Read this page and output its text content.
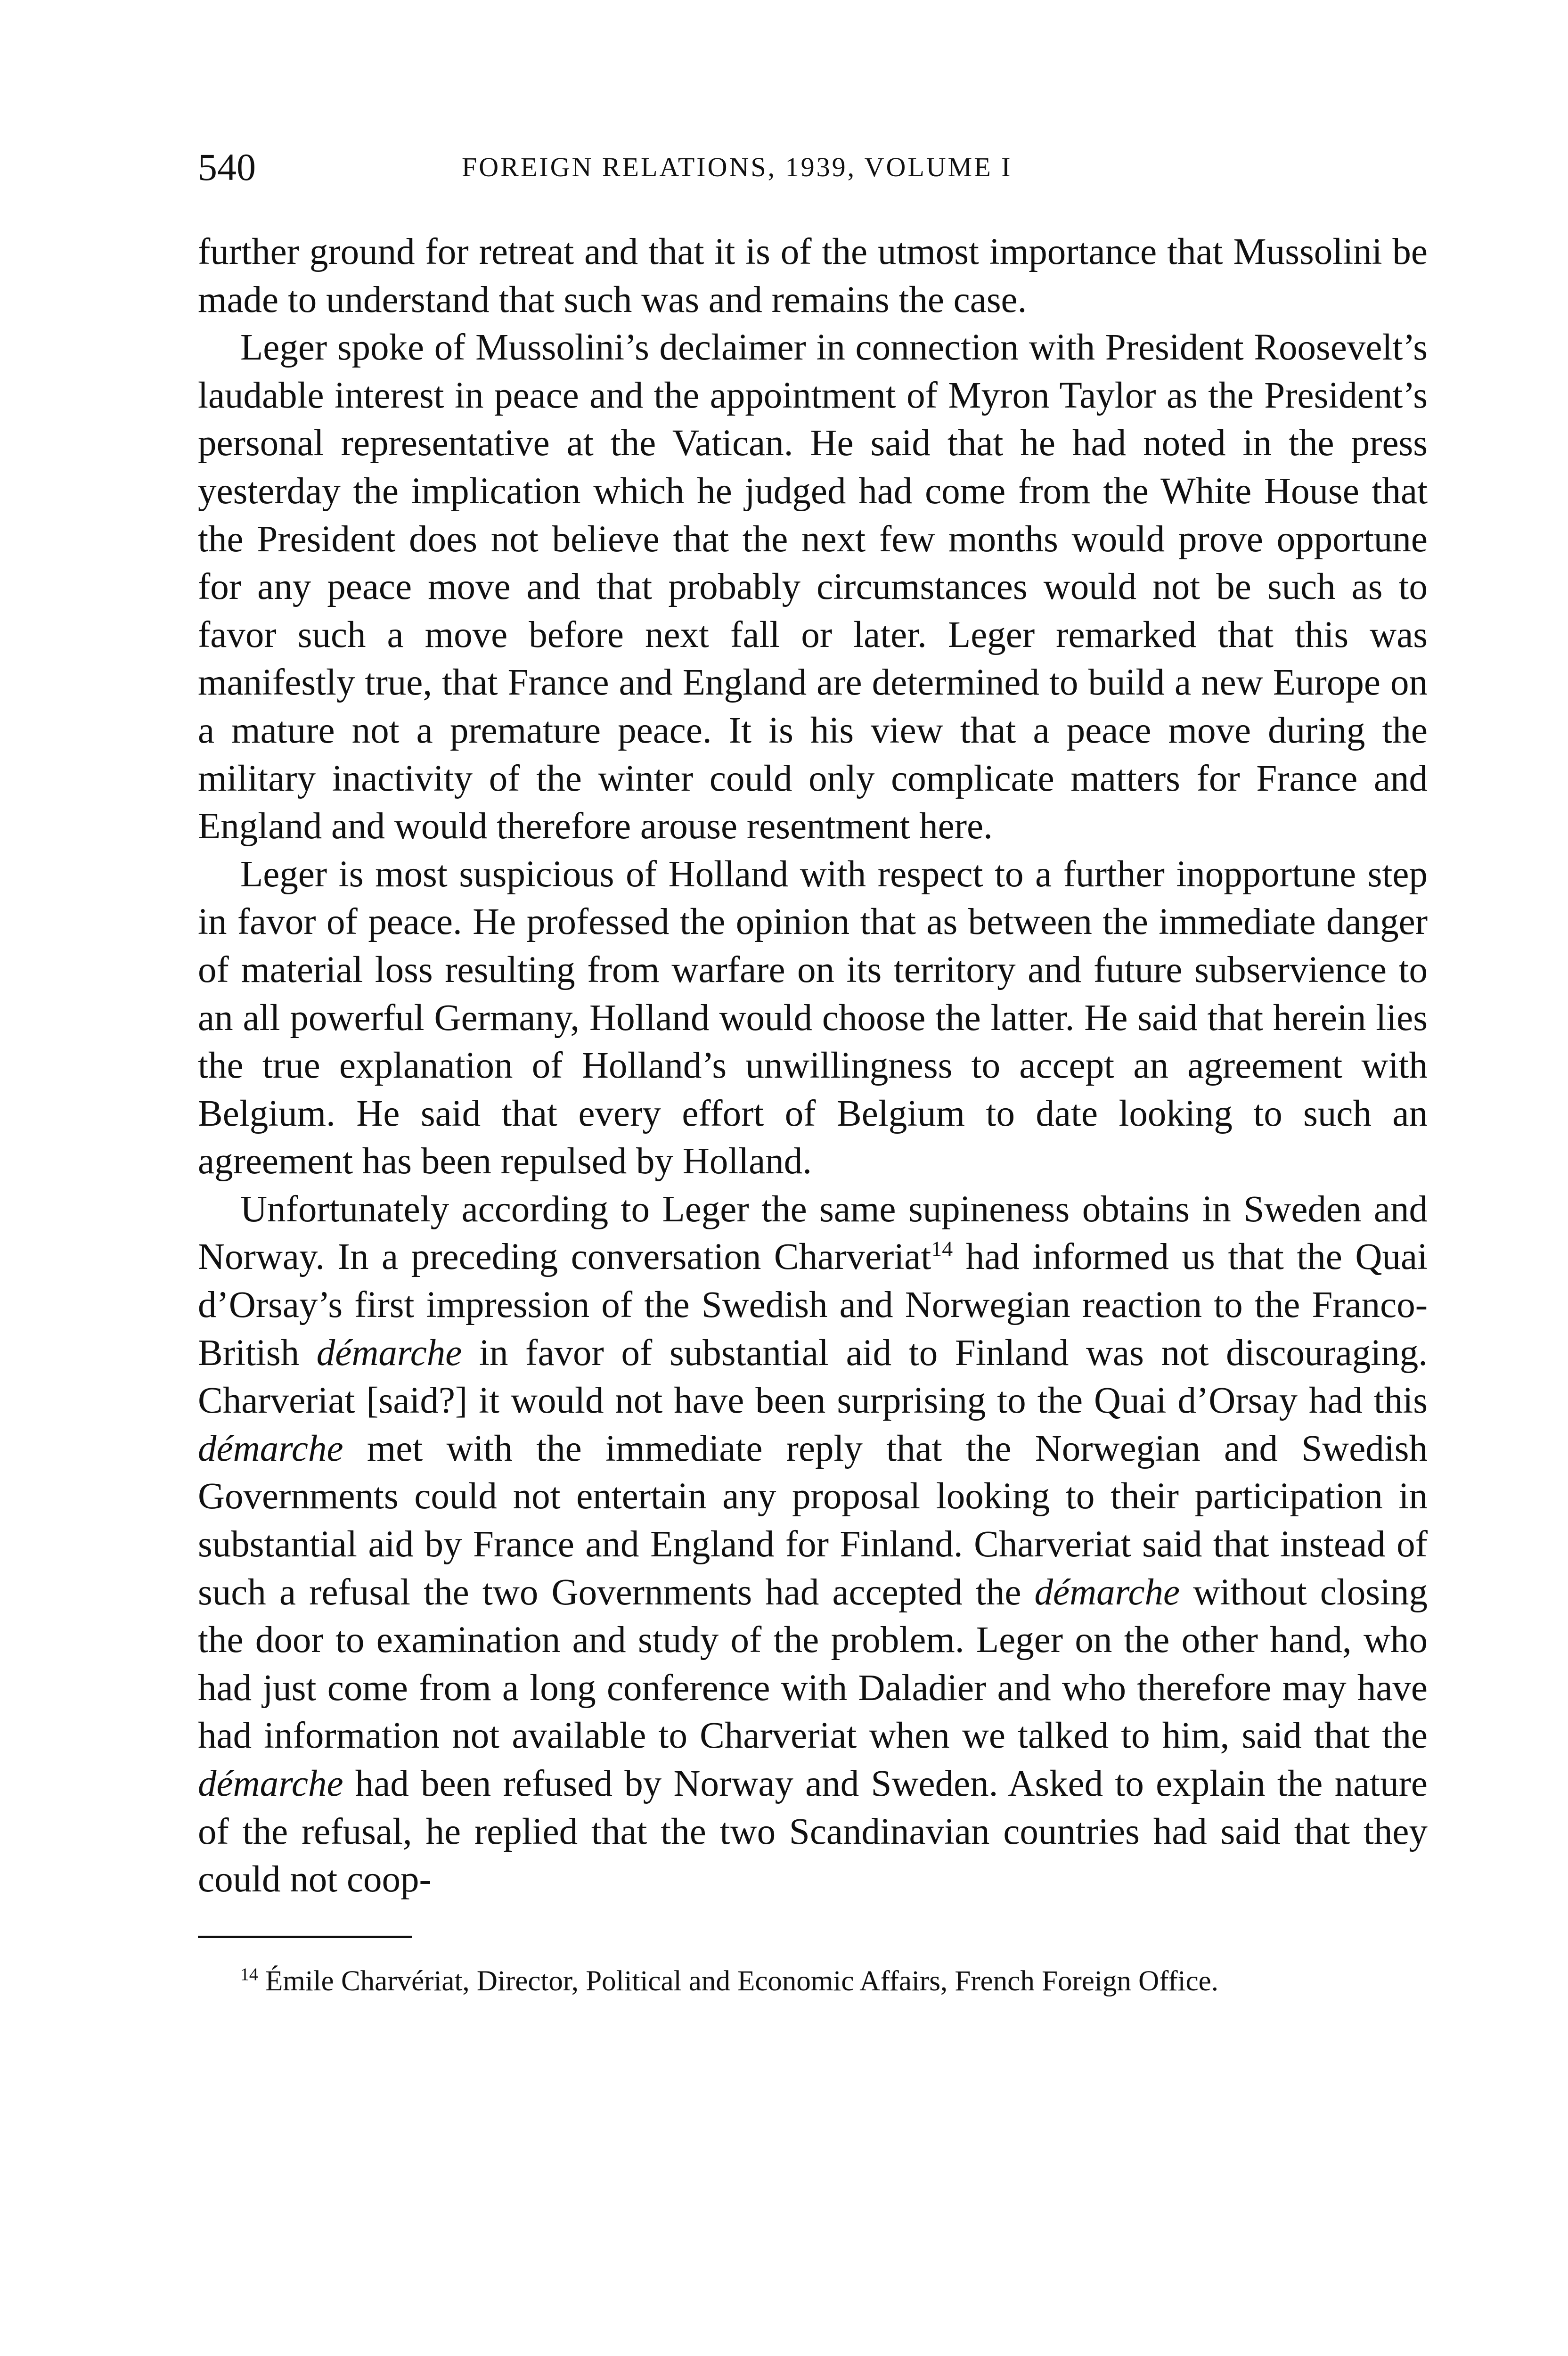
540	FOREIGN RELATIONS, 1939, VOLUME I

further ground for retreat and that it is of the utmost importance that Mussolini be made to understand that such was and remains the case.

Leger spoke of Mussolini’s declaimer in connection with President Roosevelt’s laudable interest in peace and the appointment of Myron Taylor as the President’s personal representative at the Vatican. He said that he had noted in the press yesterday the implication which he judged had come from the White House that the President does not believe that the next few months would prove opportune for any peace move and that probably circumstances would not be such as to favor such a move before next fall or later. Leger remarked that this was manifestly true, that France and England are determined to build a new Europe on a mature not a premature peace. It is his view that a peace move during the military inactivity of the winter could only complicate matters for France and England and would therefore arouse resentment here.

Leger is most suspicious of Holland with respect to a further inopportune step in favor of peace. He professed the opinion that as between the immediate danger of material loss resulting from warfare on its territory and future subservience to an all powerful Germany, Holland would choose the latter. He said that herein lies the true explanation of Holland’s unwillingness to accept an agreement with Belgium. He said that every effort of Belgium to date looking to such an agreement has been repulsed by Holland.

Unfortunately according to Leger the same supineness obtains in Sweden and Norway. In a preceding conversation Charveriat$^{14}$ had informed us that the Quai d’Orsay’s first impression of the Swedish and Norwegian reaction to the Franco-British démarche in favor of substantial aid to Finland was not discouraging. Charveriat [said?] it would not have been surprising to the Quai d’Orsay had this démarche met with the immediate reply that the Norwegian and Swedish Governments could not entertain any proposal looking to their participation in substantial aid by France and England for Finland. Charveriat said that instead of such a refusal the two Governments had accepted the démarche without closing the door to examination and study of the problem. Leger on the other hand, who had just come from a long conference with Daladier and who therefore may have had information not available to Charveriat when we talked to him, said that the démarche had been refused by Norway and Sweden. Asked to explain the nature of the refusal, he replied that the two Scandinavian countries had said that they could not coop-

$^{14}$ Émile Charvériat, Director, Political and Economic Affairs, French Foreign Office.
